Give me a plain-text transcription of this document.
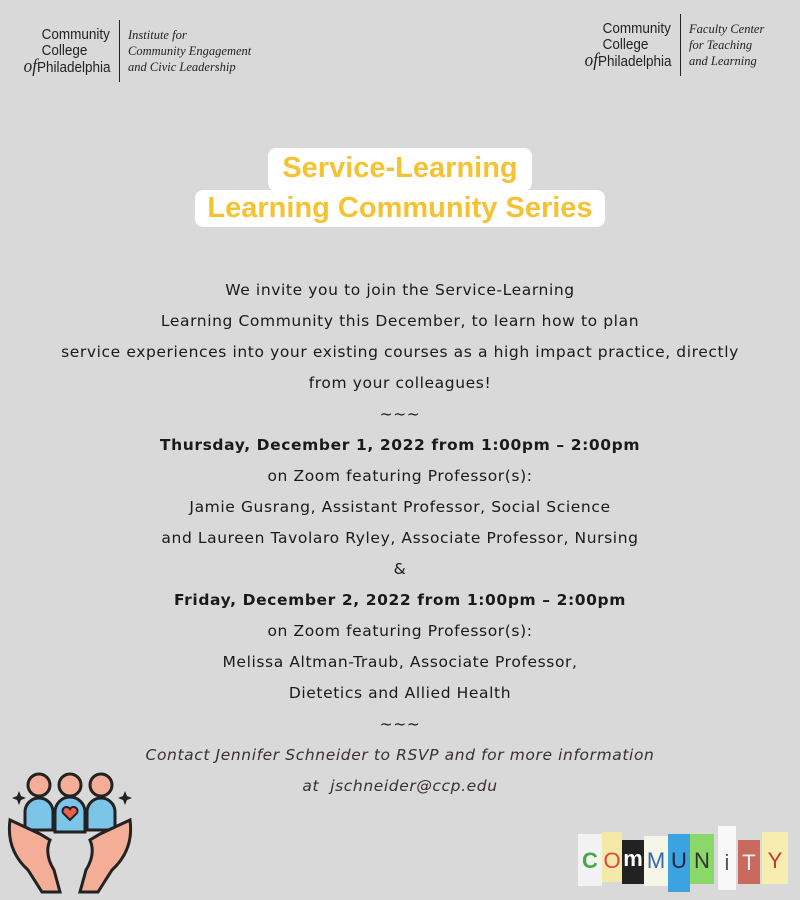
Community
College
ofPhiladelphia
Institute for
Community Engagement
and Civic Leadership
Community
College
ofPhiladelphia
Faculty Center
for Teaching
and Learning
Service-Learning
Learning Community Series

We invite you to join the Service-Learning

Learning Community this December, to learn how to plan

service experiences into your existing courses as a high impact practice, directly

from your colleagues!

~~~

Thursday, December 1, 2022 from 1:00pm – 2:00pm

on Zoom featuring Professor(s):

Jamie Gusrang, Assistant Professor, Social Science

and Laureen Tavolaro Ryley, Associate Professor, Nursing

&

Friday, December 2, 2022 from 1:00pm – 2:00pm

on Zoom featuring Professor(s):

Melissa Altman-Traub, Associate Professor,

Dietetics and Allied Health

~~~

Contact Jennifer Schneider to RSVP and for more information

at  jschneider@ccp.edu

C O m M U N i T Y
